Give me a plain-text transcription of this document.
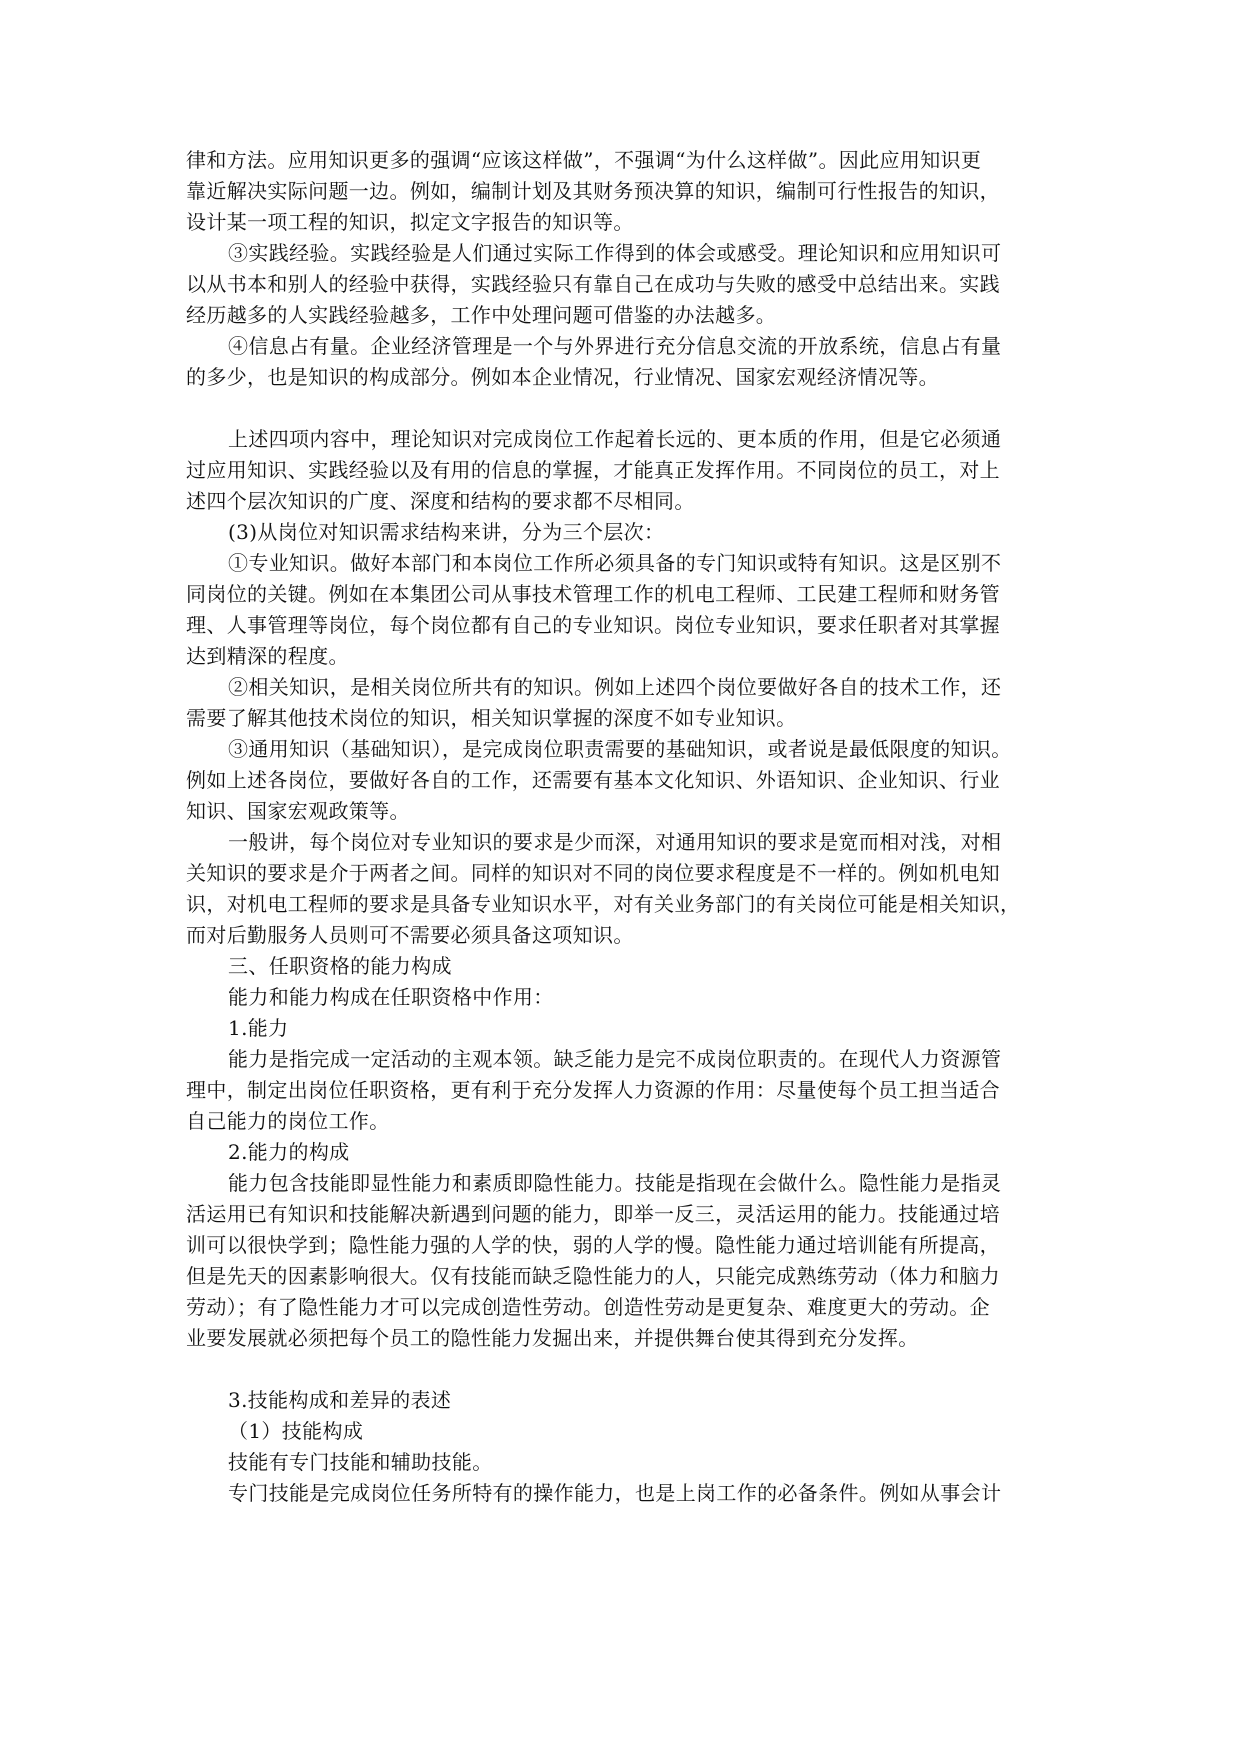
律和方法。应用知识更多的强调“应该这样做”，不强调“为什么这样做”。因此应用知识更
靠近解决实际问题一边。例如，编制计划及其财务预决算的知识，编制可行性报告的知识，
设计某一项工程的知识，拟定文字报告的知识等。
③实践经验。实践经验是人们通过实际工作得到的体会或感受。理论知识和应用知识可
以从书本和别人的经验中获得，实践经验只有靠自己在成功与失败的感受中总结出来。实践
经历越多的人实践经验越多，工作中处理问题可借鉴的办法越多。
④信息占有量。企业经济管理是一个与外界进行充分信息交流的开放系统，信息占有量
的多少，也是知识的构成部分。例如本企业情况，行业情况、国家宏观经济情况等。
上述四项内容中，理论知识对完成岗位工作起着长远的、更本质的作用，但是它必须通
过应用知识、实践经验以及有用的信息的掌握，才能真正发挥作用。不同岗位的员工，对上
述四个层次知识的广度、深度和结构的要求都不尽相同。
(3)从岗位对知识需求结构来讲，分为三个层次：
①专业知识。做好本部门和本岗位工作所必须具备的专门知识或特有知识。这是区别不
同岗位的关键。例如在本集团公司从事技术管理工作的机电工程师、工民建工程师和财务管
理、人事管理等岗位，每个岗位都有自己的专业知识。岗位专业知识，要求任职者对其掌握
达到精深的程度。
②相关知识，是相关岗位所共有的知识。例如上述四个岗位要做好各自的技术工作，还
需要了解其他技术岗位的知识，相关知识掌握的深度不如专业知识。
③通用知识（基础知识），是完成岗位职责需要的基础知识，或者说是最低限度的知识。
例如上述各岗位，要做好各自的工作，还需要有基本文化知识、外语知识、企业知识、行业
知识、国家宏观政策等。
一般讲，每个岗位对专业知识的要求是少而深，对通用知识的要求是宽而相对浅，对相
关知识的要求是介于两者之间。同样的知识对不同的岗位要求程度是不一样的。例如机电知
识，对机电工程师的要求是具备专业知识水平，对有关业务部门的有关岗位可能是相关知识，
而对后勤服务人员则可不需要必须具备这项知识。
三、任职资格的能力构成
能力和能力构成在任职资格中作用：
1.能力
能力是指完成一定活动的主观本领。缺乏能力是完不成岗位职责的。在现代人力资源管
理中，制定出岗位任职资格，更有利于充分发挥人力资源的作用：尽量使每个员工担当适合
自己能力的岗位工作。
2.能力的构成
能力包含技能即显性能力和素质即隐性能力。技能是指现在会做什么。隐性能力是指灵
活运用已有知识和技能解决新遇到问题的能力，即举一反三，灵活运用的能力。技能通过培
训可以很快学到；隐性能力强的人学的快，弱的人学的慢。隐性能力通过培训能有所提高，
但是先天的因素影响很大。仅有技能而缺乏隐性能力的人，只能完成熟练劳动（体力和脑力
劳动）；有了隐性能力才可以完成创造性劳动。创造性劳动是更复杂、难度更大的劳动。企
业要发展就必须把每个员工的隐性能力发掘出来，并提供舞台使其得到充分发挥。
3.技能构成和差异的表述
（1）技能构成
技能有专门技能和辅助技能。
专门技能是完成岗位任务所特有的操作能力，也是上岗工作的必备条件。例如从事会计
